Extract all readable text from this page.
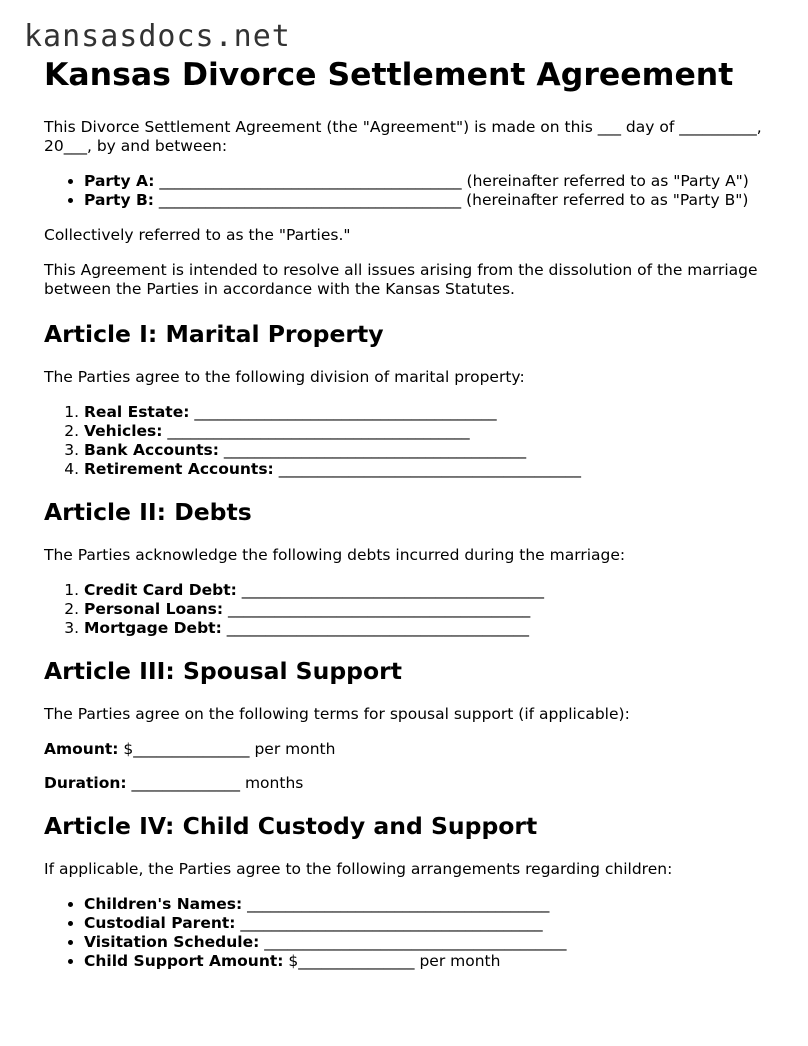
kansasdocs.net
Kansas Divorce Settlement Agreement

This Divorce Settlement Agreement (the "Agreement") is made on this ___ day of __________, 20___, by and between:

• Party A: _______________________________________ (hereinafter referred to as "Party A")
• Party B: _______________________________________ (hereinafter referred to as "Party B")

Collectively referred to as the "Parties."

This Agreement is intended to resolve all issues arising from the dissolution of the marriage between the Parties in accordance with the Kansas Statutes.

Article I: Marital Property

The Parties agree to the following division of marital property:

1. Real Estate: _______________________________________
2. Vehicles: _______________________________________
3. Bank Accounts: _______________________________________
4. Retirement Accounts: _______________________________________
Article II: Debts

The Parties acknowledge the following debts incurred during the marriage:

1. Credit Card Debt: _______________________________________
2. Personal Loans: _______________________________________
3. Mortgage Debt: _______________________________________
Article III: Spousal Support

The Parties agree on the following terms for spousal support (if applicable):

Amount: $_______________ per month

Duration: ______________ months

Article IV: Child Custody and Support

If applicable, the Parties agree to the following arrangements regarding children:

• Children's Names: _______________________________________
• Custodial Parent: _______________________________________
• Visitation Schedule: _______________________________________
• Child Support Amount: $_______________ per month
